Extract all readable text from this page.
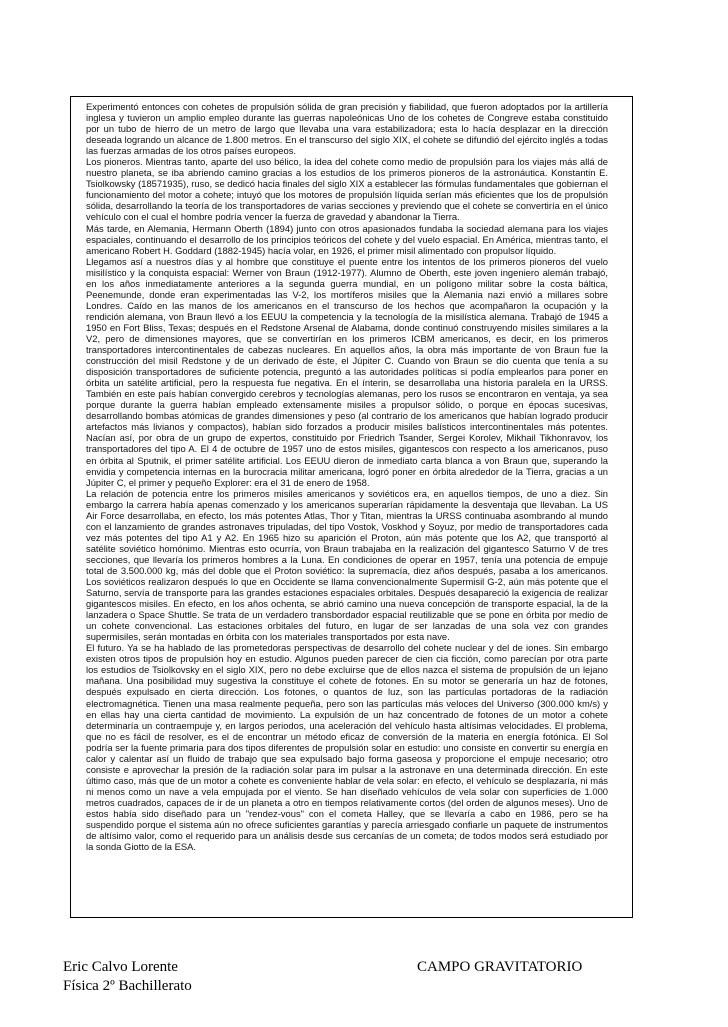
Experimentó entonces con cohetes de propulsión sólida de gran precisión y fiabilidad, que fueron adoptados por la artillería inglesa y tuvieron un amplio empleo durante las guerras napoleónicas Uno de los cohetes de Congreve estaba constituido por un tubo de hierro de un metro de largo que llevaba una vara estabilizadora; esta lo hacía desplazar en la dirección deseada logrando un alcance de 1.800 metros. En el transcurso del siglo XIX, el cohete se difundió del ejército inglés a todas las fuerzas armadas de los otros países europeos.

Los pioneros. Mientras tanto, aparte del uso bélico, la idea del cohete como medio de propulsión para los viajes más allá de nuestro planeta, se iba abriendo camino gracias a los estudios de los primeros pioneros de la astronáutica. Konstantin E. Tsiolkowsky (18571935), ruso, se dedicó hacia finales del siglo XIX a establecer las fórmulas fundamentales que gobiernan el funcionamiento del motor a cohete; intuyó que los motores de propulsión líquida serían más eficientes que los de propulsión sólida, desarrollando la teoría de los transportadores de varias secciones y previendo que el cohete se convertiría en el único vehículo con el cual el hombre podría vencer la fuerza de gravedad y abandonar la Tierra.

Más tarde, en Alemania, Hermann Oberth (1894) junto con otros apasionados fundaba la sociedad alemana para los viajes espaciales, continuando el desarrollo de los principios teóricos del cohete y del vuelo espacial. En América, mientras tanto, el americano Robert H. Goddard (1882-1945) hacía volar, en 1926, el primer misil alimentado con propulsor líquido.

Llegamos así a nuestros días y al hombre que constituye el puente entre los intentos de los primeros pioneros del vuelo misilístico y la conquista espacial: Werner von Braun (1912-1977). Alumno de Oberth, este joven ingeniero alemán trabajó, en los años inmediatamente anteriores a la segunda guerra mundial, en un polígono militar sobre la costa báltica, Peenemunde, donde eran experimentadas las V-2, los mortíferos misiles que la Alemania nazi envió a millares sobre Londres. Caído en las manos de los americanos en el transcurso de los hechos que acompañaron la ocupación y la rendición alemana, von Braun llevó a los EEUU la competencia y la tecnología de la misilística alemana. Trabajó de 1945 a 1950 en Fort Bliss, Texas; después en el Redstone Arsenal de Alabama, donde continuó construyendo misiles similares a la V2, pero de dimensiones mayores, que se convertirían en los primeros ICBM americanos, es decir, en los primeros transportadores intercontinentales de cabezas nucleares. En aquellos años, la obra más importante de von Braun fue la construcción del misil Redstone y de un derivado de éste, el Júpiter C. Cuando von Braun se dio cuenta que tenía a su disposición transportadores de suficiente potencia, preguntó a las autoridades políticas si podía emplearlos para poner en órbita un satélite artificial, pero la respuesta fue negativa. En el ínterin, se desarrollaba una historia paralela en la URSS. También en este país habían convergido cerebros y tecnologías alemanas, pero los rusos se encontraron en ventaja, ya sea porque durante la guerra habían empleado extensamente misiles a propulsor sólido, o porque en épocas sucesivas, desarrollando bombas atómicas de grandes dimensiones y peso (al contrario de los americanos que habían logrado producir artefactos más livianos y compactos), habían sido forzados a producir misiles balísticos intercontinentales más potentes. Nacían así, por obra de un grupo de expertos, constituido por Friedrich Tsander, Sergei Korolev, Mikhail Tikhonravov, los transportadores del tipo A. El 4 de octubre de 1957 uno de estos misiles, gigantescos con respecto a los americanos, puso en órbita al Sputnik, el primer satélite artificial. Los EEUU dieron de inmediato carta blanca a von Braun que, superando la envidia y competencia internas en la burocracia militar americana, logró poner en órbita alrededor de la Tierra, gracias a un Júpiter C, el primer y pequeño Explorer: era el 31 de enero de 1958.

La relación de potencia entre los primeros misiles americanos y soviéticos era, en aquellos tiempos, de uno a diez. Sin embargo la carrera había apenas comenzado y los americanos superarían rápidamente la desventaja que llevaban. La US Air Force desarrollaba, en efecto, los más potentes Atlas, Thor y Titan, mientras la URSS continuaba asombrando al mundo con el lanzamiento de grandes astronaves tripuladas, del tipo Vostok, Voskhod y Soyuz, por medio de transportadores cada vez más potentes del tipo A1 y A2. En 1965 hizo su aparición el Proton, aún más potente que los A2, que transportó al satélite soviético homónimo. Mientras esto ocurría, von Braun trabajaba en la realización del gigantesco Saturno V de tres secciones, que llevaría los primeros hombres a la Luna. En condiciones de operar en 1957, tenía una potencia de empuje total de 3.500.000 kg, más del doble que el Proton soviético: la supremacía, diez años después, pasaba a los americanos. Los soviéticos realizaron después lo que en Occidente se llama convencionalmente Supermisil G-2, aún más potente que el Saturno, servía de transporte para las grandes estaciones espaciales orbitales. Después desapareció la exigencia de realizar gigantescos misiles. En efecto, en los años ochenta, se abrió camino una nueva concepción de transporte espacial, la de la lanzadera o Space Shuttle. Se trata de un verdadero transbordador espacial reutilizable que se pone en órbita por medio de un cohete convencional. Las estaciones orbitales del futuro, en lugar de ser lanzadas de una sola vez con grandes supermisiles, serán montadas en órbita con los materiales transportados por esta nave.

El futuro. Ya se ha hablado de las prometedoras perspectivas de desarrollo del cohete nuclear y del de iones. Sin embargo existen otros tipos de propulsión hoy en estudio. Algunos pueden parecer de cien cia ficción, como parecían por otra parte los estudios de Tsiolkovsky en el siglo XIX, pero no debe excluirse que de ellos nazca el sistema de propulsión de un lejano mañana. Una posibilidad muy sugestiva la constituye el cohete de fotones. En su motor se generaría un haz de fotones, después expulsado en cierta dirección. Los fotones, o quantos de luz, son las partículas portadoras de la radiación electromagnética. Tienen una masa realmente pequeña, pero son las partículas más veloces del Universo (300.000 km/s) y en ellas hay una cierta cantidad de movimiento. La expulsión de un haz concentrado de fotones de un motor a cohete determinaría un contraempuje y, en largos periodos, una aceleración del vehículo hasta altísimas velocidades. El problema, que no es fácil de resolver, es el de encontrar un método eficaz de conversión de la materia en energía fotónica. El Sol podría ser la fuente primaria para dos tipos diferentes de propulsión solar en estudio: uno consiste en convertir su energía en calor y calentar así un fluido de trabajo que sea expulsado bajo forma gaseosa y proporcione el empuje necesario; otro consiste e aprovechar la presión de la radiación solar para im pulsar a la astronave en una determinada dirección. En este último caso, más que de un motor a cohete es conveniente hablar de vela solar: en efecto, el vehículo se desplazaría, ni más ni menos como un nave a vela empujada por el viento. Se han diseñado vehículos de vela solar con superficies de 1.000 metros cuadrados, capaces de ir de un planeta a otro en tiempos relativamente cortos (del orden de algunos meses). Uno de estos había sido diseñado para un "rendez-vous" con el cometa Halley, que se llevaría a cabo en 1986, pero se ha suspendido porque el sistema aún no ofrece suficientes garantías y parecía arriesgado confiarle un paquete de instrumentos de altísimo valor, como el requerido para un análisis desde sus cercanías de un cometa; de todos modos será estudiado por la sonda Giotto de la ESA.

Eric Calvo Lorente
Física 2º Bachillerato
CAMPO GRAVITATORIO
